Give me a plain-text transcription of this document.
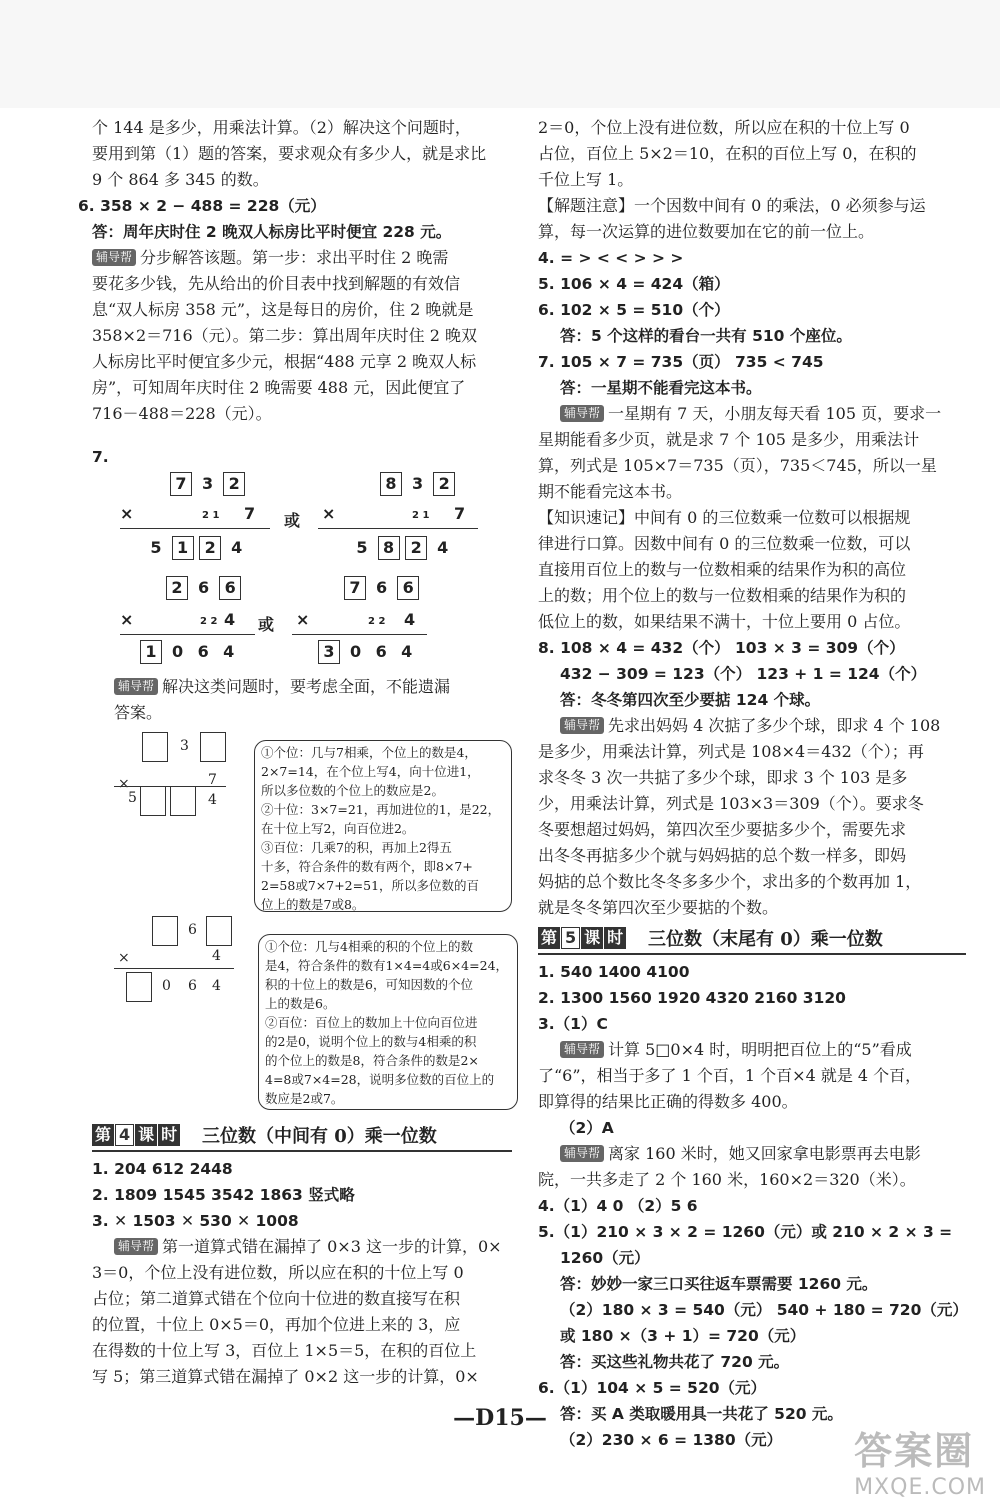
个 144 是多少，用乘法计算。（2）解决这个问题时，
要用到第（1）题的答案，要求观众有多少人，就是求比
9 个 864 多 345 的数。
6. 358 × 2 − 488 = 228（元）
答：周年庆时住 2 晚双人标房比平时便宜 228 元。
辅导帮 分步解答该题。第一步：求出平时住 2 晚需
要花多少钱，先从给出的价目表中找到解题的有效信
息“双人标房 358 元”，这是每日的房价，住 2 晚就是
358×2＝716（元）。第二步：算出周年庆时住 2 晚双
人标房比平时便宜多少元，根据“488 元享 2 晚双人标
房”，可知周年庆时住 2 晚需要 488 元，因此便宜了
716－488＝228（元）。
7.
7 3 2
×	2 1 7
5 1 2 4
或
8 3 2
×	2 1 7
5 8 2 4
2 6 6
×	2 2 4
1 0 6 4
或
7 6 6
×	2 2 4
3 0 6 4
辅导帮 解决这类问题时，要考虑全面，不能遗漏
答案。
3
×	7
5	4
①个位：几与7相乘，个位上的数是4，
2×7=14，在个位上写4，向十位进1，
所以多位数的个位上的数应是2。
②十位：3×7=21，再加进位的1，是22，
在十位上写2，向百位进2。
③百位：几乘7的积，再加上2得五
十多，符合条件的数有两个，即8×7+
2=58或7×7+2=51，所以多位数的百
位上的数是7或8。
6
×	4
0 6 4
①个位：几与4相乘的积的个位上的数
是4，符合条件的数有1×4=4或6×4=24，
积的十位上的数是6，可知因数的个位
上的数是6。
②百位：百位上的数加上十位向百位进
的2是0，说明个位上的数与4相乘的积
的个位上的数是8，符合条件的数是2×
4=8或7×4=28，说明多位数的百位上的
数应是2或7。
第 4 课 时 三位数（中间有 0）乘一位数
1. 204 612 2448
2. 1809 1545 3542 1863 竖式略
3. ✕ 1503 ✕ 530 ✕ 1008
辅导帮 第一道算式错在漏掉了 0×3 这一步的计算，0×
3＝0，个位上没有进位数，所以应在积的十位上写 0
占位；第二道算式错在个位向十位进的数直接写在积
的位置，十位上 0×5＝0，再加个位进上来的 3，应
在得数的十位上写 3，百位上 1×5＝5，在积的百位上
写 5；第三道算式错在漏掉了 0×2 这一步的计算，0×
2＝0，个位上没有进位数，所以应在积的十位上写 0
占位，百位上 5×2＝10，在积的百位上写 0，在积的
千位上写 1。
【解题注意】一个因数中间有 0 的乘法，0 必须参与运
算，每一次运算的进位数要加在它的前一位上。
4. = > < < > > >
5. 106 × 4 = 424（箱）
6. 102 × 5 = 510（个）
答：5 个这样的看台一共有 510 个座位。
7. 105 × 7 = 735（页） 735 < 745
答：一星期不能看完这本书。
辅导帮 一星期有 7 天，小朋友每天看 105 页，要求一
星期能看多少页，就是求 7 个 105 是多少，用乘法计
算，列式是 105×7＝735（页），735＜745，所以一星
期不能看完这本书。
【知识速记】中间有 0 的三位数乘一位数可以根据规
律进行口算。因数中间有 0 的三位数乘一位数，可以
直接用百位上的数与一位数相乘的结果作为积的高位
上的数；用个位上的数与一位数相乘的结果作为积的
低位上的数，如果结果不满十，十位上要用 0 占位。
8. 108 × 4 = 432（个） 103 × 3 = 309（个）
432 − 309 = 123（个） 123 + 1 = 124（个）
答：冬冬第四次至少要掂 124 个球。
辅导帮 先求出妈妈 4 次掂了多少个球，即求 4 个 108
是多少，用乘法计算，列式是 108×4＝432（个）；再
求冬冬 3 次一共掂了多少个球，即求 3 个 103 是多
少，用乘法计算，列式是 103×3＝309（个）。要求冬
冬要想超过妈妈，第四次至少要掂多少个，需要先求
出冬冬再掂多少个就与妈妈掂的总个数一样多，即妈
妈掂的总个数比冬冬多多少个，求出多的个数再加 1，
就是冬冬第四次至少要掂的个数。
第 5 课 时 三位数（末尾有 0）乘一位数
1. 540 1400 4100
2. 1300 1560 1920 4320 2160 3120
3.（1）C
辅导帮 计算 5□0×4 时，明明把百位上的“5”看成
了“6”，相当于多了 1 个百，1 个百×4 就是 4 个百，
即算得的结果比正确的得数多 400。
（2）A
辅导帮 离家 160 米时，她又回家拿电影票再去电影
院，一共多走了 2 个 160 米，160×2＝320（米）。
4.（1）4 0 （2）5 6
5.（1）210 × 3 × 2 = 1260（元）或 210 × 2 × 3 =
1260（元）
答：妙妙一家三口买往返车票需要 1260 元。
（2）180 × 3 = 540（元） 540 + 180 = 720（元）
或 180 ×（3 + 1）= 720（元）
答：买这些礼物共花了 720 元。
6.（1）104 × 5 = 520（元）
答：买 A 类取暖用具一共花了 520 元。
（2）230 × 6 = 1380（元）
—D15—
答案圈
MXQE.COM
